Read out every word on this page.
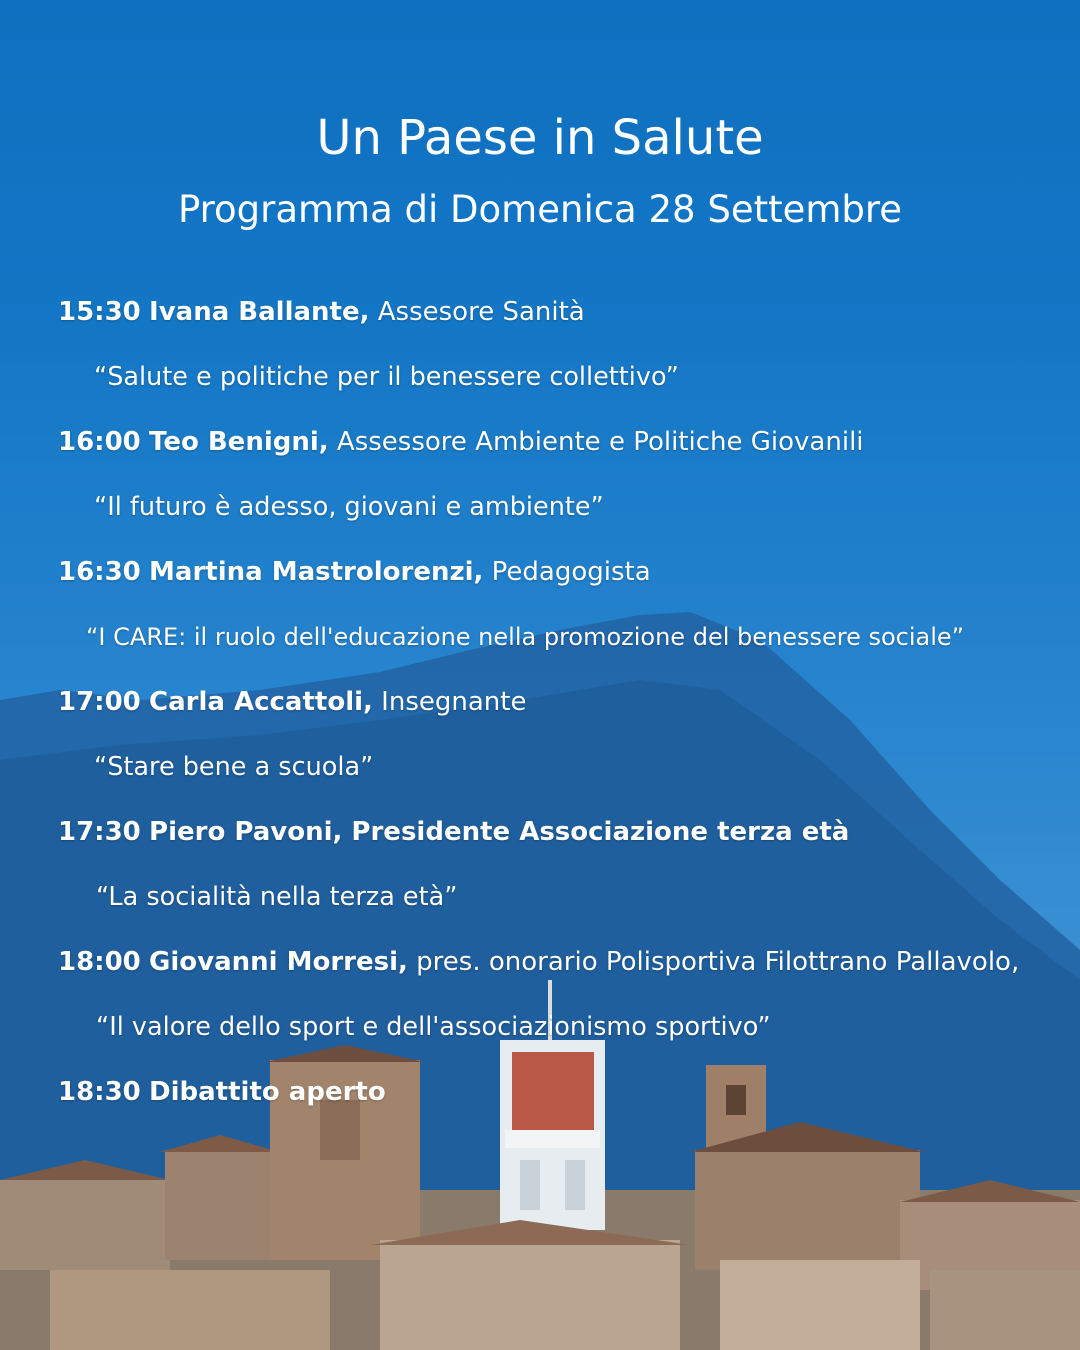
Un Paese in Salute
Programma di Domenica 28 Settembre
15:30 Ivana Ballante, Assesore Sanità
“Salute e politiche per il benessere collettivo”
16:00 Teo Benigni, Assessore Ambiente e Politiche Giovanili
“Il futuro è adesso, giovani e ambiente”
16:30 Martina Mastrolorenzi, Pedagogista
“I CARE: il ruolo dell'educazione nella promozione del benessere sociale”
17:00 Carla Accattoli, Insegnante
“Stare bene a scuola”
17:30 Piero Pavoni, Presidente Associazione terza età
“La socialità nella terza età”
18:00 Giovanni Morresi, pres. onorario Polisportiva Filottrano Pallavolo,
“Il valore dello sport e dell'associazionismo sportivo”
18:30 Dibattito aperto
